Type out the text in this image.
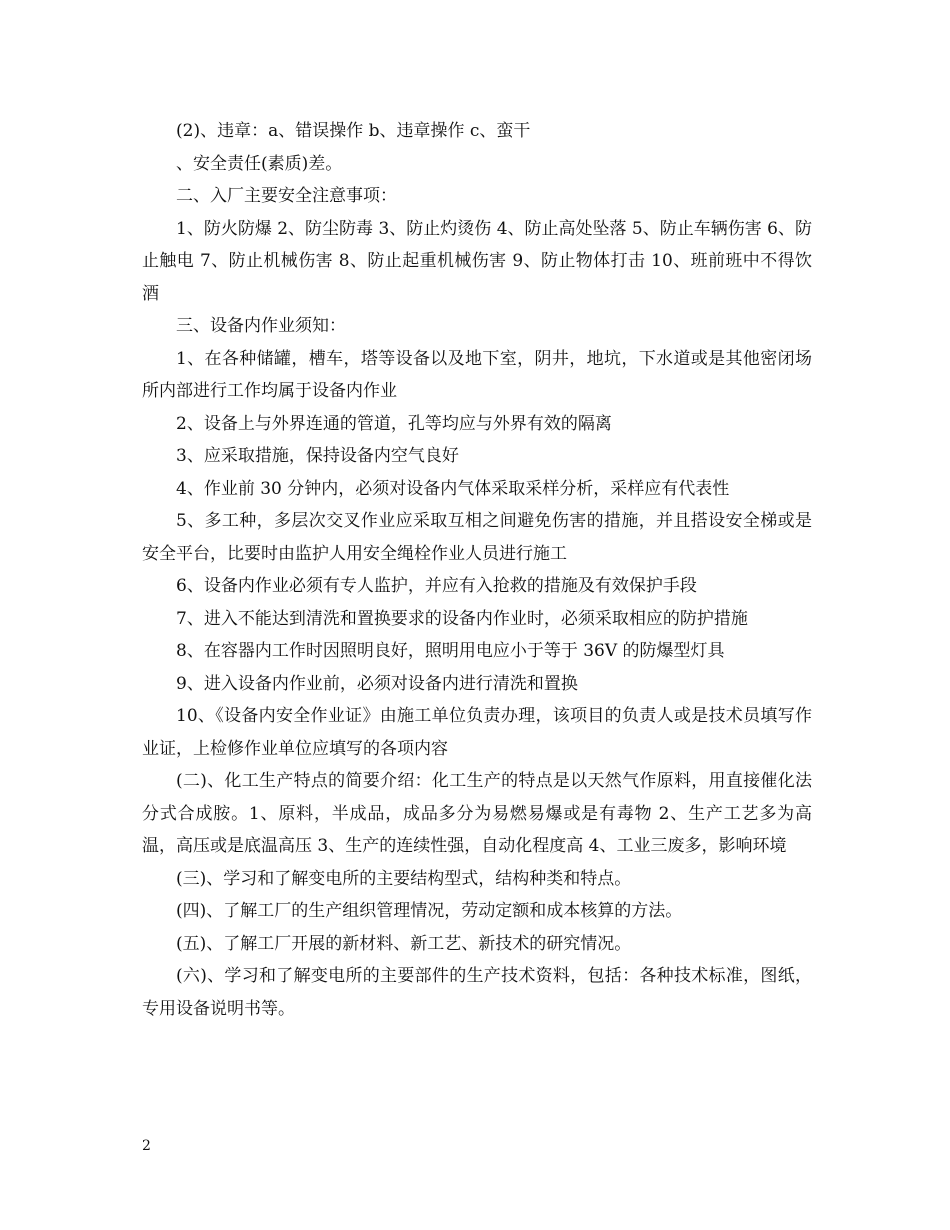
(2)、违章：a、错误操作 b、违章操作 c、蛮干

、安全责任(素质)差。

二、入厂主要安全注意事项：

1、防火防爆 2、防尘防毒 3、防止灼烫伤 4、防止高处坠落 5、防止车辆伤害 6、防止触电 7、防止机械伤害 8、防止起重机械伤害 9、防止物体打击 10、班前班中不得饮酒

三、设备内作业须知：

1、在各种储罐，槽车，塔等设备以及地下室，阴井，地坑，下水道或是其他密闭场所内部进行工作均属于设备内作业

2、设备上与外界连通的管道，孔等均应与外界有效的隔离

3、应采取措施，保持设备内空气良好

4、作业前 30 分钟内，必须对设备内气体采取采样分析，采样应有代表性

5、多工种，多层次交叉作业应采取互相之间避免伤害的措施，并且搭设安全梯或是安全平台，比要时由监护人用安全绳栓作业人员进行施工

6、设备内作业必须有专人监护，并应有入抢救的措施及有效保护手段

7、进入不能达到清洗和置换要求的设备内作业时，必须采取相应的防护措施

8、在容器内工作时因照明良好，照明用电应小于等于 36V 的防爆型灯具

9、进入设备内作业前，必须对设备内进行清洗和置换

10、《设备内安全作业证》由施工单位负责办理，该项目的负责人或是技术员填写作业证，上检修作业单位应填写的各项内容

(二)、化工生产特点的简要介绍：化工生产的特点是以天然气作原料，用直接催化法分式合成胺。1、原料，半成品，成品多分为易燃易爆或是有毒物 2、生产工艺多为高温，高压或是底温高压 3、生产的连续性强，自动化程度高 4、工业三废多，影响环境

(三)、学习和了解变电所的主要结构型式，结构种类和特点。

(四)、了解工厂的生产组织管理情况，劳动定额和成本核算的方法。

(五)、了解工厂开展的新材料、新工艺、新技术的研究情况。

(六)、学习和了解变电所的主要部件的生产技术资料，包括：各种技术标准，图纸，专用设备说明书等。

2
